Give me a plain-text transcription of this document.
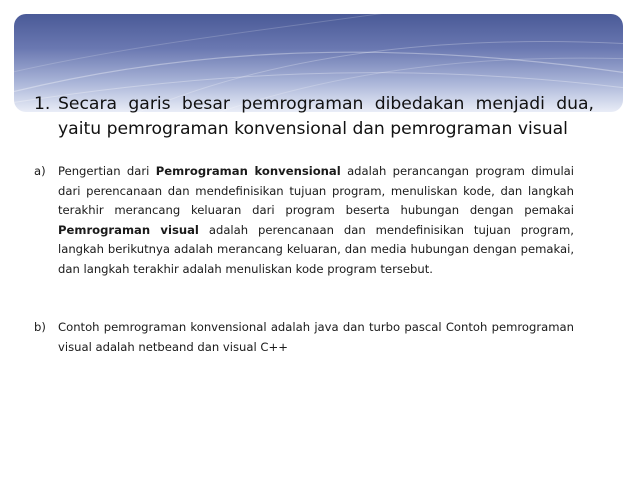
1. Secara garis besar pemrograman dibedakan menjadi dua, yaitu pemrograman konvensional dan pemrograman visual
a)	Pengertian dari Pemrograman konvensional adalah perancangan program dimulai dari perencanaan dan mendefinisikan tujuan program, menuliskan kode, dan langkah terakhir merancang keluaran dari program beserta hubungan dengan pemakai Pemrograman visual adalah perencanaan dan mendefinisikan tujuan program, langkah berikutnya adalah merancang keluaran, dan media hubungan dengan pemakai, dan langkah terakhir adalah menuliskan kode program tersebut.
b)	Contoh pemrograman konvensional adalah java dan turbo pascal Contoh pemrograman visual adalah netbeand dan visual C++
